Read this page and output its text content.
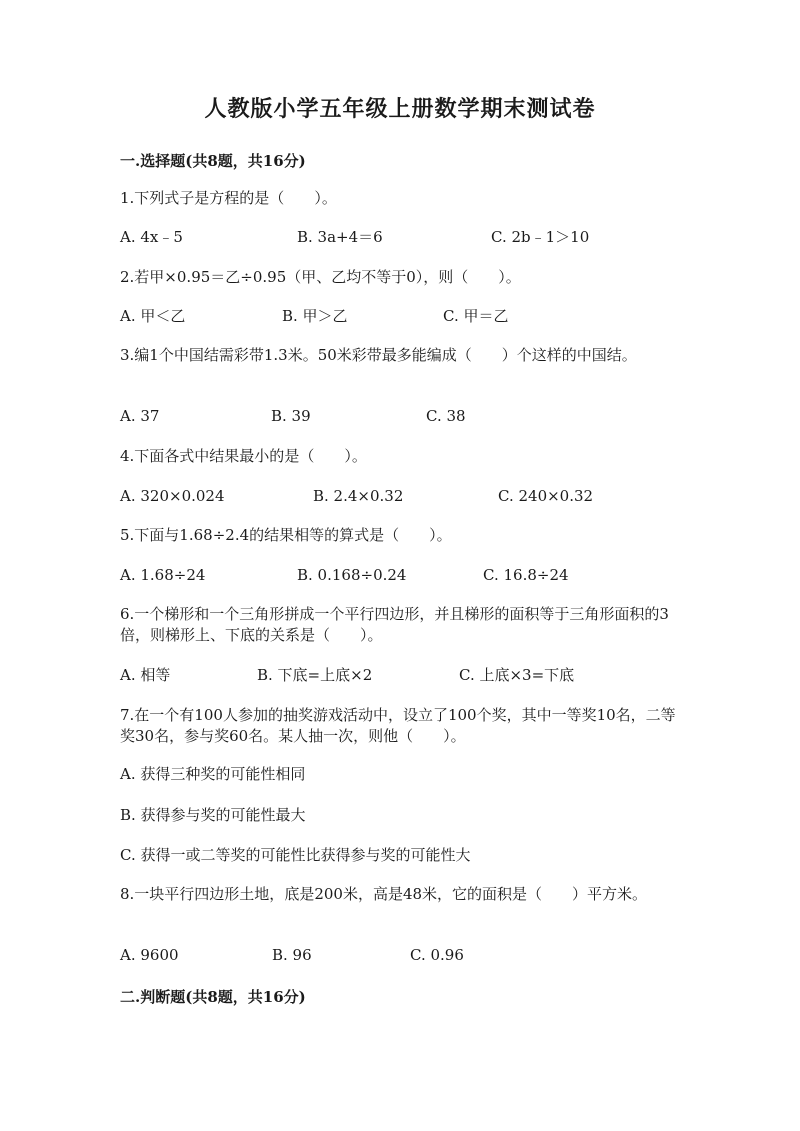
人教版小学五年级上册数学期末测试卷
一.选择题(共8题，共16分)
1.下列式子是方程的是（　　）。
A. 4x﹣5	B. 3a+4＝6	C. 2b﹣1＞10
2.若甲×0.95＝乙÷0.95（甲、乙均不等于0），则（　　）。
A. 甲＜乙	B. 甲＞乙	C. 甲＝乙
3.编1个中国结需彩带1.3米。50米彩带最多能编成（　　）个这样的中国结。
A. 37	B. 39	C. 38
4.下面各式中结果最小的是（　　）。
A. 320×0.024	B. 2.4×0.32	C. 240×0.32
5.下面与1.68÷2.4的结果相等的算式是（　　）。
A. 1.68÷24	B. 0.168÷0.24	C. 16.8÷24
6.一个梯形和一个三角形拼成一个平行四边形，并且梯形的面积等于三角形面积的3倍，则梯形上、下底的关系是（　　）。
A. 相等	B. 下底=上底×2	C. 上底×3=下底
7.在一个有100人参加的抽奖游戏活动中，设立了100个奖，其中一等奖10名，二等奖30名，参与奖60名。某人抽一次，则他（　　）。
A. 获得三种奖的可能性相同
B. 获得参与奖的可能性最大
C. 获得一或二等奖的可能性比获得参与奖的可能性大
8.一块平行四边形土地，底是200米，高是48米，它的面积是（　　）平方米。
A. 9600	B. 96	C. 0.96
二.判断题(共8题，共16分)
